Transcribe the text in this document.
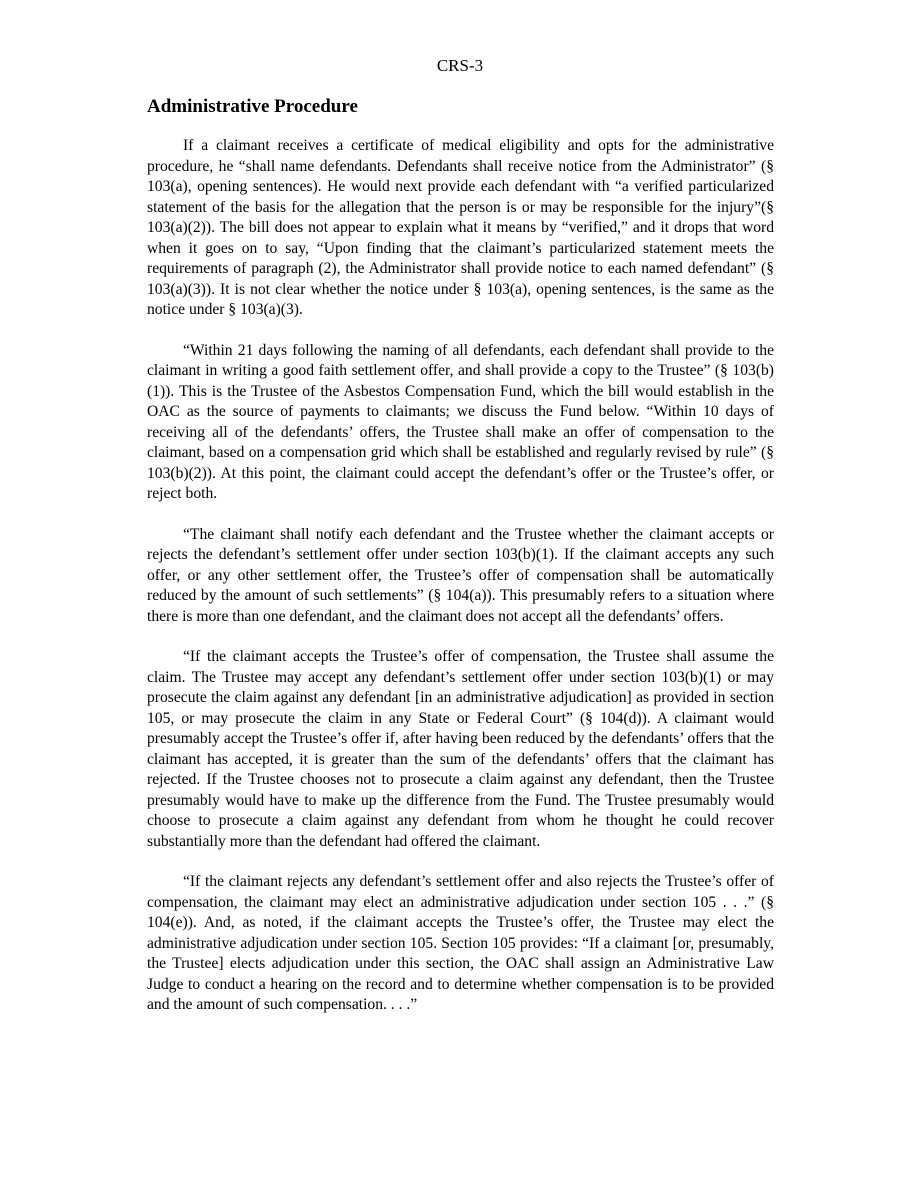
CRS-3
Administrative Procedure

If a claimant receives a certificate of medical eligibility and opts for the administrative procedure, he “shall name defendants. Defendants shall receive notice from the Administrator” (§ 103(a), opening sentences). He would next provide each defendant with “a verified particularized statement of the basis for the allegation that the person is or may be responsible for the injury”(§ 103(a)(2)). The bill does not appear to explain what it means by “verified,” and it drops that word when it goes on to say, “Upon finding that the claimant’s particularized statement meets the requirements of paragraph (2), the Administrator shall provide notice to each named defendant” (§ 103(a)(3)). It is not clear whether the notice under § 103(a), opening sentences, is the same as the notice under § 103(a)(3).

“Within 21 days following the naming of all defendants, each defendant shall provide to the claimant in writing a good faith settlement offer, and shall provide a copy to the Trustee” (§ 103(b)(1)). This is the Trustee of the Asbestos Compensation Fund, which the bill would establish in the OAC as the source of payments to claimants; we discuss the Fund below. “Within 10 days of receiving all of the defendants’ offers, the Trustee shall make an offer of compensation to the claimant, based on a compensation grid which shall be established and regularly revised by rule” (§ 103(b)(2)). At this point, the claimant could accept the defendant’s offer or the Trustee’s offer, or reject both.

“The claimant shall notify each defendant and the Trustee whether the claimant accepts or rejects the defendant’s settlement offer under section 103(b)(1). If the claimant accepts any such offer, or any other settlement offer, the Trustee’s offer of compensation shall be automatically reduced by the amount of such settlements” (§ 104(a)). This presumably refers to a situation where there is more than one defendant, and the claimant does not accept all the defendants’ offers.

“If the claimant accepts the Trustee’s offer of compensation, the Trustee shall assume the claim. The Trustee may accept any defendant’s settlement offer under section 103(b)(1) or may prosecute the claim against any defendant [in an administrative adjudication] as provided in section 105, or may prosecute the claim in any State or Federal Court” (§ 104(d)). A claimant would presumably accept the Trustee’s offer if, after having been reduced by the defendants’ offers that the claimant has accepted, it is greater than the sum of the defendants’ offers that the claimant has rejected. If the Trustee chooses not to prosecute a claim against any defendant, then the Trustee presumably would have to make up the difference from the Fund. The Trustee presumably would choose to prosecute a claim against any defendant from whom he thought he could recover substantially more than the defendant had offered the claimant.

“If the claimant rejects any defendant’s settlement offer and also rejects the Trustee’s offer of compensation, the claimant may elect an administrative adjudication under section 105 . . .” (§ 104(e)). And, as noted, if the claimant accepts the Trustee’s offer, the Trustee may elect the administrative adjudication under section 105. Section 105 provides: “If a claimant [or, presumably, the Trustee] elects adjudication under this section, the OAC shall assign an Administrative Law Judge to conduct a hearing on the record and to determine whether compensation is to be provided and the amount of such compensation. . . .”
